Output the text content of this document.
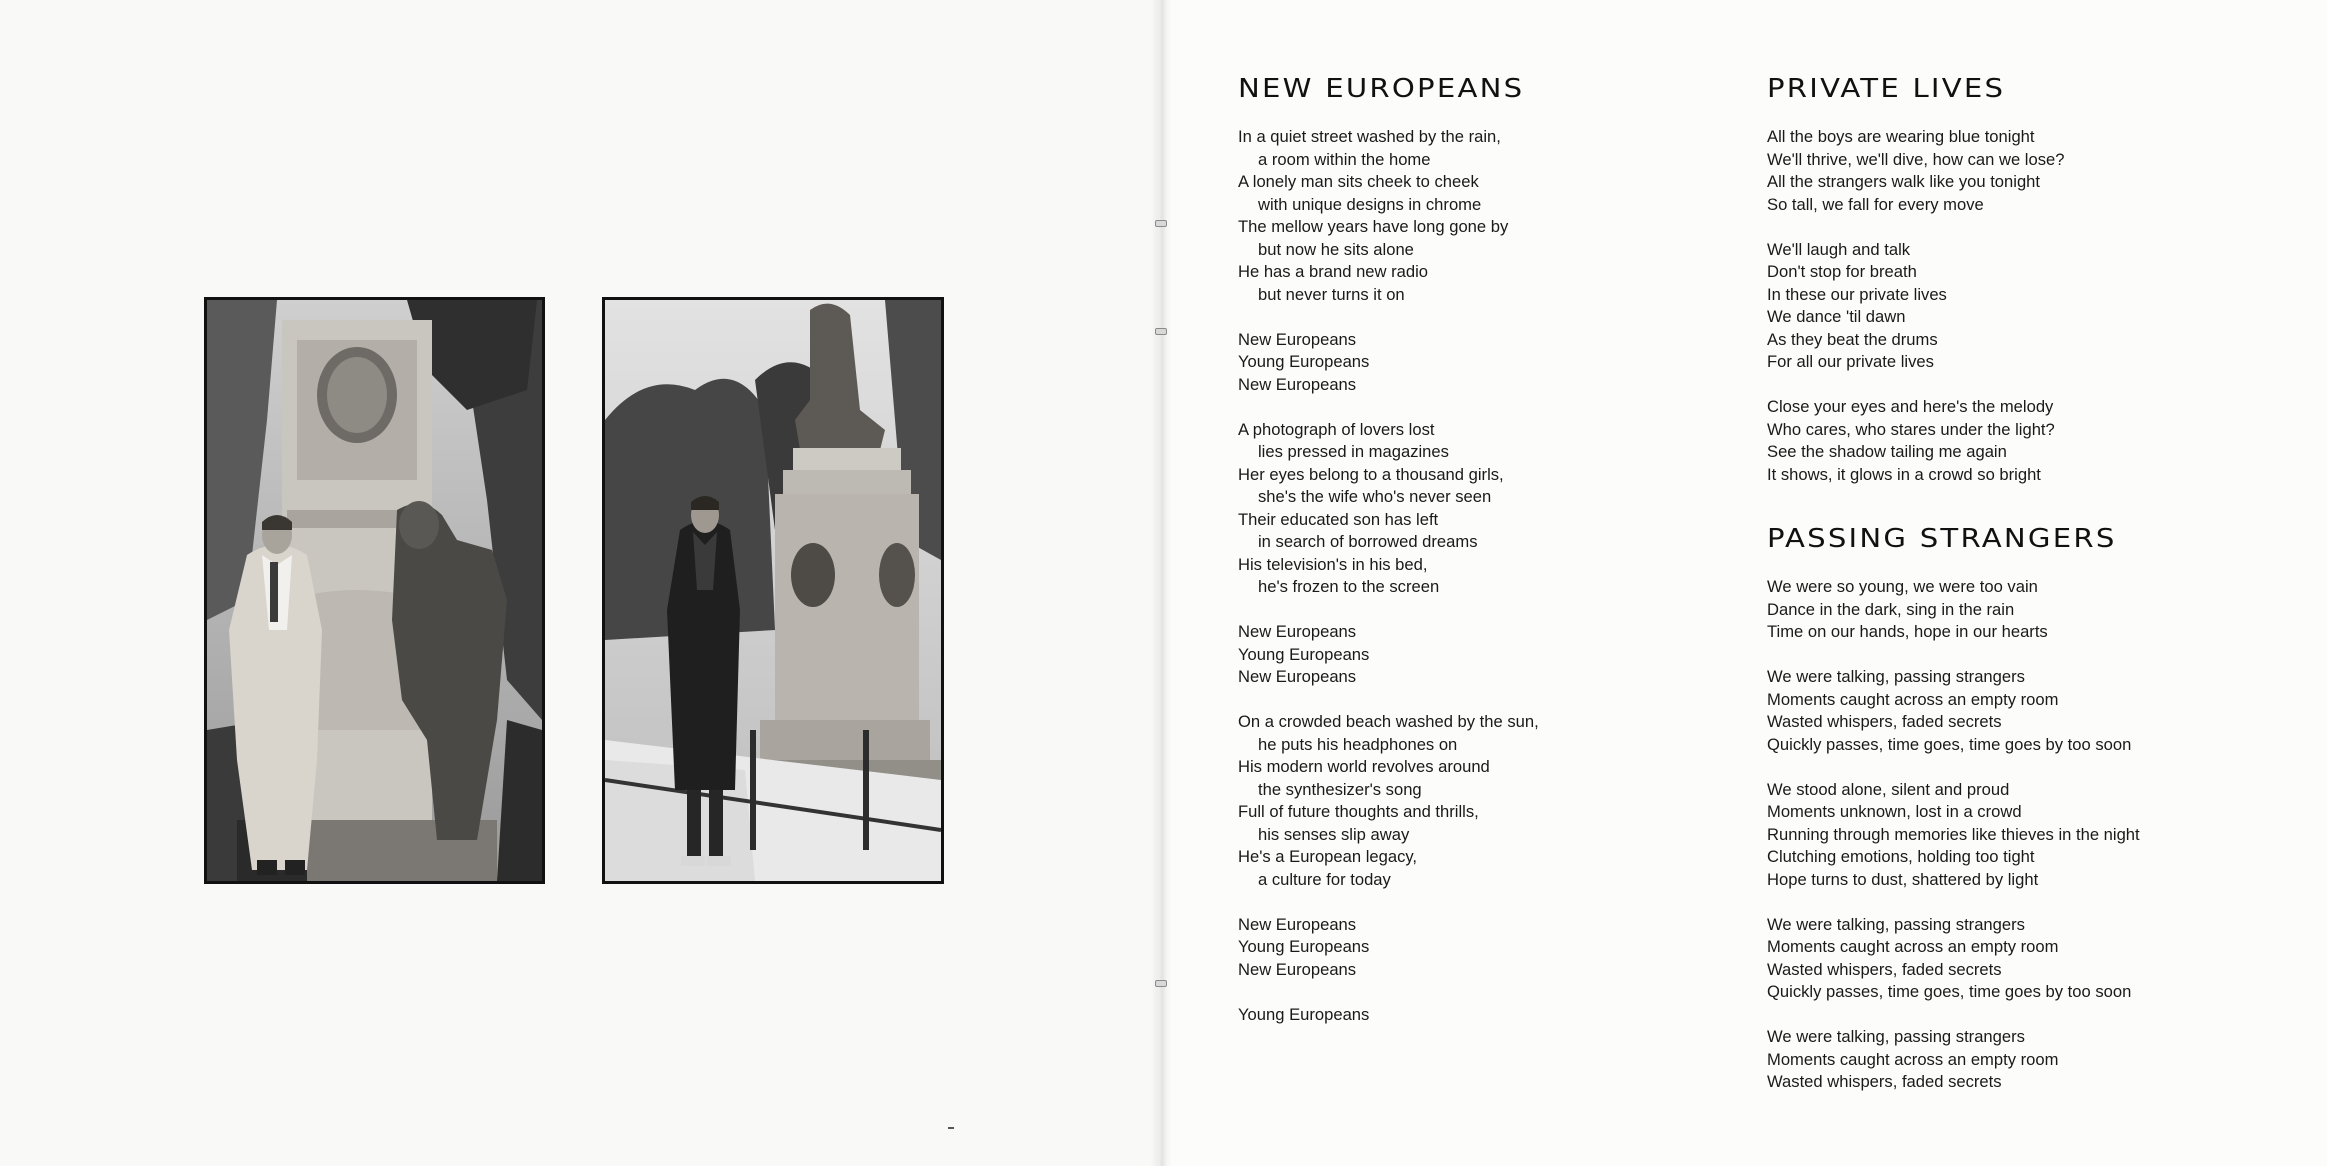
NEW EUROPEANS
In a quiet street washed by the rain,
a room within the home
A lonely man sits cheek to cheek
with unique designs in chrome
The mellow years have long gone by
but now he sits alone
He has a brand new radio
but never turns it on
New Europeans
Young Europeans
New Europeans
A photograph of lovers lost
lies pressed in magazines
Her eyes belong to a thousand girls,
she's the wife who's never seen
Their educated son has left
in search of borrowed dreams
His television's in his bed,
he's frozen to the screen
New Europeans
Young Europeans
New Europeans
On a crowded beach washed by the sun,
he puts his headphones on
His modern world revolves around
the synthesizer's song
Full of future thoughts and thrills,
his senses slip away
He's a European legacy,
a culture for today
New Europeans
Young Europeans
New Europeans
Young Europeans
PRIVATE LIVES
All the boys are wearing blue tonight
We'll thrive, we'll dive, how can we lose?
All the strangers walk like you tonight
So tall, we fall for every move
We'll laugh and talk
Don't stop for breath
In these our private lives
We dance 'til dawn
As they beat the drums
For all our private lives
Close your eyes and here's the melody
Who cares, who stares under the light?
See the shadow tailing me again
It shows, it glows in a crowd so bright
PASSING STRANGERS
We were so young, we were too vain
Dance in the dark, sing in the rain
Time on our hands, hope in our hearts
We were talking, passing strangers
Moments caught across an empty room
Wasted whispers, faded secrets
Quickly passes, time goes, time goes by too soon
We stood alone, silent and proud
Moments unknown, lost in a crowd
Running through memories like thieves in the night
Clutching emotions, holding too tight
Hope turns to dust, shattered by light
We were talking, passing strangers
Moments caught across an empty room
Wasted whispers, faded secrets
Quickly passes, time goes, time goes by too soon
We were talking, passing strangers
Moments caught across an empty room
Wasted whispers, faded secrets
